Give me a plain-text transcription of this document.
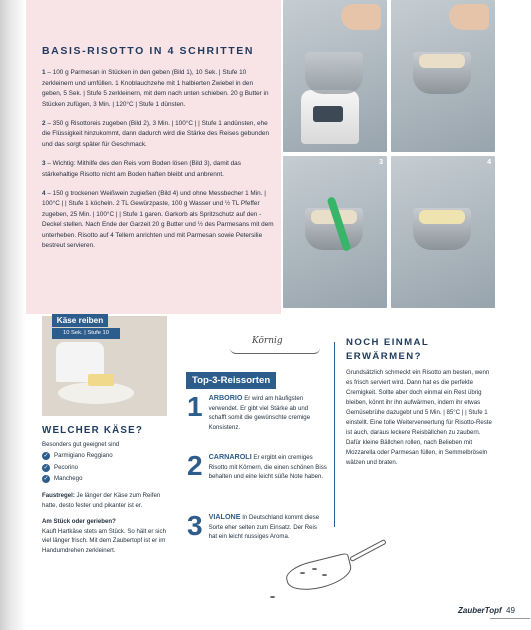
BASIS-RISOTTO IN 4 SCHRITTEN

1 – 100 g Parmesan in Stücken in den geben (Bild 1), 10 Sek. | Stufe 10 zerkleinern und umfüllen. 1 Knoblauchzehe mit 1 halbierten Zwiebel in den geben, 5 Sek. | Stufe 5 zerkleinern, mit dem nach unten schieben. 20 g Butter in Stücken zufügen, 3 Min. | 120°C | Stufe 1 dünsten.

2 – 350 g Risottoreis zugeben (Bild 2), 3 Min. | 100°C | | Stufe 1 andünsten, ehe die Flüssigkeit hinzukommt, dann dadurch wird die Stärke des Reises gebunden und das sorgt später für Geschmack.

3 – Wichtig: Mithilfe des den Reis vom Boden lösen (Bild 3), damit das stärkehaltige Risotto nicht am Boden haften bleibt und anbrennt.

4 – 150 g trockenen Weißwein zugießen (Bild 4) und ohne Messbecher 1 Min. | 100°C | | Stufe 1 köcheln. 2 TL Gewürzpaste, 100 g Wasser und ½ TL Pfeffer zugeben, 25 Min. | 100°C | | Stufe 1 garen. Garkorb als Spritzschutz auf den -Deckel stellen. Nach Ende der Garzeit 20 g Butter und ½ des Parmesans mit dem unterheben. Risotto auf 4 Tellern anrichten und mit Parmesan sowie Petersilie bestreut servieren.

3	4
Käse reiben
10 Sek. | Stufe 10
WELCHER KÄSE?
Besonders gut geeignet sind
✓ Parmigiano Reggiano
✓ Pecorino
✓ Manchego

Faustregel: Je länger der Käse zum Reifen hatte, desto fester und pikanter ist er.

Am Stück oder gerieben?

Kauft Hartkäse stets am Stück. So hält er sich viel länger frisch. Mit dem Zaubertopf ist er im Handumdrehen zerkleinert.

Körnig
Top-3-Reissorten
1 ARBORIO Er wird am häufigsten verwendet. Er gibt viel Stärke ab und schafft somit die gewünschte cremige Konsistenz.
2 CARNAROLI Er ergibt ein cremiges Risotto mit Körnern, die einen schönen Biss behalten und eine leicht süße Note haben.
3 VIALONE In Deutschland kommt diese Sorte eher selten zum Einsatz. Der Reis hat ein leicht nussiges Aroma.
NOCH EINMAL ERWÄRMEN?

Grundsätzlich schmeckt ein Risotto am besten, wenn es frisch serviert wird. Dann hat es die perfekte Cremigkeit. Sollte aber doch einmal ein Rest übrig bleiben, könnt ihr ihn aufwärmen, indem ihr etwas Gemüsebrühe dazugebt und 5 Min. | 85°C | | Stufe 1 einstellt. Eine tolle Weiterverwertung für Risotto-Reste ist auch, daraus leckere Reisbällchen zu zaubern. Dafür kleine Bällchen rollen, nach Belieben mit Mozzarella oder Parmesan füllen, in Semmelbröseln wälzen und braten.

ZauberTopf 49
